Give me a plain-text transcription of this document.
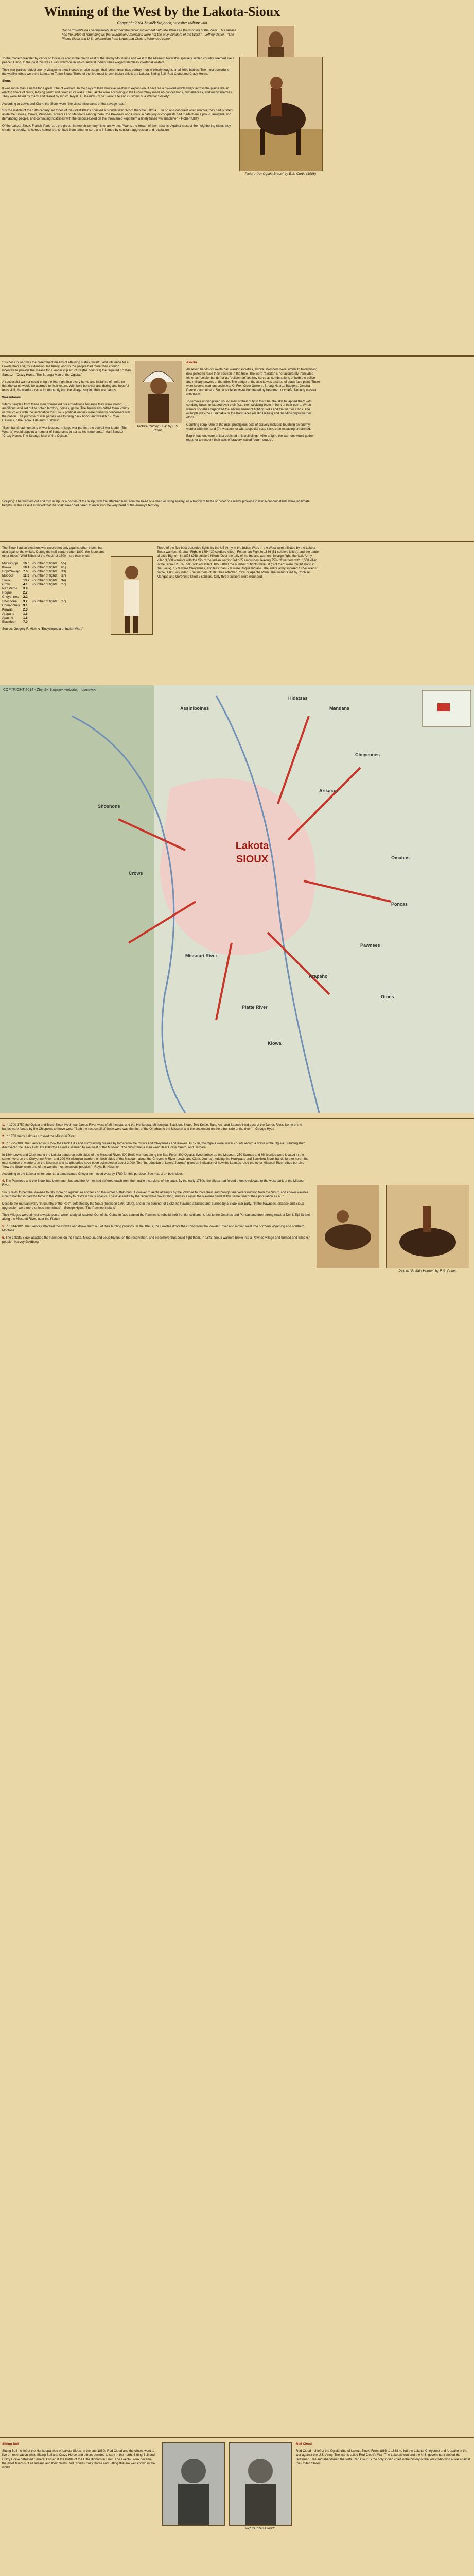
Winning of the West by the Lakota-Sioux
Copyright 2014 Zbyněk Stojanek; website: indianswiki
"Richard White has persuasively described the Sioux movement onto the Plains as the winning of the West. This phrase has the virtue of reminding us that European Americans were not the only invaders of the West." - Jeffrey Ostler - "The Plains Sioux and U.S. colonialism from Lewis and Clark to Wounded Knee"

To the modern traveler by car or on horse or across the plains east of the Rocky Mountains and west of the Missouri River this sparsely settled country seemed like a peaceful land. In the past this was a vast warzone in which several Indian tribes waged relentless intertribal warfare.

Their war parties raided enemy villages to steal horses or take scalps, their ceremonial rites portray men in bitterly fought, small tribe battles. The most powerful of the warlike tribes were the Lakota, or Teton Sioux. Three of the five most known Indian chiefs are Lakota: Sitting Bull, Red Cloud and Crazy Horse.

Sioux !

It was more than a name for a great tribe of warriors. In the days of their massive westward expansion, it became a by-word which swept across the plains like an electric shock of terror, leaving panic and death in its wake. The Lakota were according to the Crows "they made no concessions, few alliances, and many enemies. They were hated by many and feared by most". Royal B. Hassrick - "The Sioux: Life and Customs of a Warrior Society"

According to Lewis and Clark, the Sioux were "the vilest miscreants of the savage race."

"By the middle of the 19th century, no tribes of the Great Plains boasted a prouder war record than the Lakota … In no one conquest after another, they had pushed aside the Kiowas, Crows, Pawnees, Arikaras and Mandans among them, the Pawnees and Crows. A category of conquests had made them a proud, arrogant, and demanding people, and continuing hostilities with the dispossessed on the threatened kept them a finely tuned war machine." - Robert Utley

Of the Lakota-Sioux, Francis Parkman, the great nineteenth-century historian, wrote: "War is the breath of their nostrils. Against most of the neighboring tribes they cherish a deadly, rancorous hatred, transmitted from father to son, and inflamed by constant aggression and retaliation."

Picture "An Oglala Brave" by E.S. Curtis (1908)

"Success in war was the preeminent means of attaining status, wealth, and influence for a Lakota man and, by extension, his family, and so the people had more than enough incentive to provide the means for a leadership structure (the councils) the required it." Mari Sandoz - "Crazy Horse: The Strange Man of the Oglalas"

A successful warrior could bring the fear right into every home and instance of home so that the camp would be alarmed to their return. With bold behavior and daring and hopeful tests skill, the warriors came triumphantly into the village, singing their war songs.

Wakantanka.

"Many peoples from these men dominated our expeditions because they were strong, ambitious, and set out to obtain territory, horses, game. The Americans called them 'chiefs' or 'war chiefs' with the implication that Sioux political leaders were primarily concerned with the nation. The purpose of war parties was to bring back honor and wealth." - Royal Hassrick, "The Sioux: Life and Customs"

"Each band had numbers of war leaders. In large war parties, the overall war leader (Shirt-Wearer) would appoint a number of lieutenants to act as his lieutenants." Mari Sandoz - "Crazy Horse: The Strange Man of the Oglalas"

Picture "Sitting Bull" by E.S. Curtis

Akicita

All seven bands of Lakota had warrior societies, akicita. Members were similar to fraternities; new joined to raise their position in the tribe. The word "akicita" is not accurately translated either as "soldier bands" or as "policemen" as they serve as combinations of both the police and military powers of the tribe. The badge of the akicita was a stripe of black face paint. There were several warriors societies: Kit Fox, Crow Owners, Strong Hearts, Badgers, Omaha Dancers and others. Some societies were dominated by headmen or chiefs. Nobody messed with them.

To remove undisciplined young men of their duty to the tribe, the akicita lapped them with combing bows, or lapped over their fists, then scolding them in front of their peers. When warrior societies organized the advancement of fighting skills and the warrior ethos. The example was the Hunkpatila or the Bad Faces (or Big Bellies) and the Miniconjou warrior ethos.

Counting coup. One of the most prestigious acts of bravery included touching an enemy warrior with the hand (?), weapon, or with a special coup stick, then escaping unharmed.

Eagle feathers were at last depicted in lacrell slings. After a fight, the warriors would gather together to recount their acts of bravery, called "count coups".

Scalping: The warriors cut and torn scalp, or a portion of the scalp, with the attached hair, from the head of a dead or living enemy, as a trophy of battle or proof of a man's prowess in war. Noncombatants were legitimate targets. In this case it signified that the scalp taker had dared to enter into the very heart of the enemy's territory.

The Sioux had an excellent war record not only against other tribes, but also against the whites. During the half-century after 1800, the Sioux and other tribes' "Wild Tribes of the West" of 1800 more than once:

Mississippi	10.0	(number of fights:	55)
Kiowa	10.4	(number of fights:	61)
Hopi/Navajo	7.6	(number of fights:	33)
Modocs	11.3	(number of fights:	37)
Sioux	13.2	(number of fights:	94)
Crow	4.1	(number of fights:	27)
Nez Perce	3.9		
Rogue	2.7		
Cheyennes	2.2		
Shoshone	3.2	(number of fights:	27)
Comanches	9.1		
Kiowas	2.3		
Arapaho	1.8		
Apache	1.8		
Blackfoot	7.0		

Source: Gregory F. Michno "Encyclopedia of Indian Wars"

Three of the five best-defended fights by the US Army in the Indian Wars in the West were inflicted by the Lakota Sioux warriors: Grattan Fight in 1854 (30 soldiers killed), Fetterman Fight in 1866 (81 soldiers killed), and the battle of Little Bighorn in 1876 (268 soldiers killed). Over the tally of the Indians warriors, in large fight, the U.S. Army killed 3,000 warriors with the Sioux the Indian warrior 3rd of 5 ambushes, leaving 75% of warriors with 1,000 killed in the Sioux-US. 3-5,500 soldiers killed. 1855-1890 the number of fights were 50 (3 of them were fought along in the Sioux), 15 % were Cheyennes, and less than 5 % were Rogue Indians. The entire army suffered 1,054 killed in battle, 1,000 wounded. The warriors of 10 tribes attacked 70 % or Apache Plain. The warriors led by Cochise, Mangas and Geronimo killed 2 soldiers. Only three soldiers were wounded.

COPYRIGHT 2014 - Zbyněk Stojanek website: indianswiki
Lakota SIOUX
Crows
Cheyennes
Arapaho
Kiowa
Pawnees
Shoshone
Arikaras
Mandans
Hidatsas
Assiniboines
Omahas
Poncas
Otoes
Missouri River
Platte River

1. In 1700-1750 the Oglala and Brulé Sioux lived near James River west of Minnesota, and the Hunkpapa, Miniconjou, Blackfoot Sioux, Two Kettle, Sans Arc, and Saones lived east of the James River. Some of the bands were forced by the Chippewa to move west. "Both the rest small of those were was the first of the Omahas to the Missouri and the settlement on the other side of the river," - George Hyde

2. In 1750 many Lakotas crossed the Missouri River.

3. In 1775-1800 the Lakota-Sioux took the Black Hills and surrounding prairies by force from the Crows and Cheyennes and Kiowas. In 1776, the Oglala were winter counts record a brave of the Oglala 'Standing Bull' discovered the Black Hills. By 1800 the Lakotas seemed to live west of the Missouri. "the Sioux was a man was" Bear Horse Guard, and Barbara

In 1804 Lewis and Clark found the Lakota bands on both sides of the Missouri River: 300 Brulé warriors along the Bad River, 300 Oglalas lived farther up the Missouri, 250 Saones and Miniconjou were located in the same rivers on the Cheyenne River, and 200 Minniconjou warriors on both sides of the Missouri, about the Cheyenne River (Lewis and Clark, Journal). Adding the Hunkpapa and Blackfoot Sioux bands further north, the total number of warriors on the Missouri and its tributaries have been estimated at about 2,000. The "Introduction of Lewis' Journal" gives an indication of how the Lakotas ruled the other Missouri River tribes but also "how the Sioux were one of the world's most ferocious peoples" - Royal B. Hassrick

According to the Lakota winter counts, a band named Cheyenne moved west by 1780 for this purpose. See map 3 on both sides.

4. The Pawnees and the Sioux had been enemies, and the former had suffered much from the hostile incursions of the latter. By the early 1780s, the Sioux had forced them to relocate to the west bank of the Missouri River.

Sioux raids forced the Pawnee to rely more on agriculture and less on the winter buffalo hunt. However, "Lakota attempts by the Pawnee to force their land brought marked disruption from the Sioux, and known Pawnee Chief Sharitarish had the force in the Platte Valley to restrain Sioux attacks. These assaults by the Sioux were devastating, and as a result the Pawnee band at this same time of their population as a..."

Despite the mutual rivalry "in country of the Ree", defeated by the Sioux (between 1790-1800), and in the summer of 1832 the Pawnee attacked and burned by a Sioux war party. "In the Pawnees, disease and Sioux aggression were more or less intertwined" - George Hyde, "The Pawnee Indians"

Their villages were almost a waste place; were nearly all sacked. Out of the Cuba, in fact, caused the Pawnee to rebuild their frontier settlement, lost to the Omahas and Poncas and their strong (east of Delhi, Tipi Strake along the Missouri River, near the Platte).

5. In 1814-1825 the Lakotas attacked the Kiowas and drove them out of their hunting grounds. In the 1840s, the Lakotas drove the Crows from the Powder River and moved west into northern Wyoming and southern Montana.

6. The Lakota Sioux attacked the Pawnees on the Platte, Missouri, and Loup Rivers, on the reservation, and elsewhere thus could fight them. In 1843, Sioux warriors broke into a Pawnee village and burned and killed 67 people - Harvey Goldberg.

Picture "Buffalo Hunter" by E.S. Curtis

Sitting Bull

Sitting Bull - chief of the Hunkpapa tribe of Lakota Sioux. In the late 1860s Red Cloud and the others went to live on reservation while Sitting Bull and Crazy Horse and others decided to stay in the north. Sitting Bull and Crazy Horse defeated General Custer at the Battle of the Little Bighorn in 1876. The Lakota Sioux became the most famous of all Indians and their chiefs Red Cloud, Crazy Horse and Sitting Bull are well known in the world.

Picture "Red Cloud"

Red Cloud

Red Cloud - chief of the Oglala tribe of Lakota Sioux. From 1866 to 1868 he led the Lakota, Cheyenne and Arapaho in the war against the U.S. Army. The war is called Red Cloud's War. The Lakotas won and the U.S. government closed the Bozeman Trail and abandoned the forts. Red Cloud is the only Indian chief in the history of the West who won a war against the United States.
